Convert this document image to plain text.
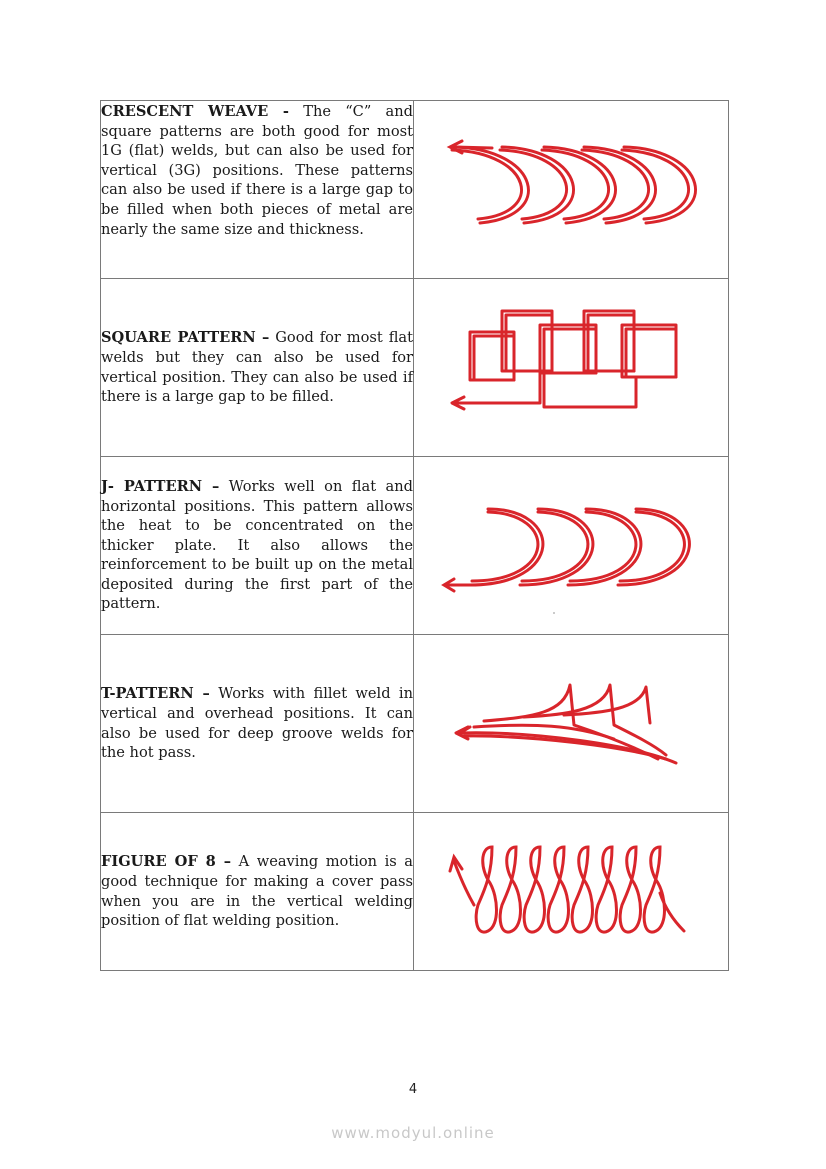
CRESCENT WEAVE - The “C” and square patterns are both good for most 1G (flat) welds, but can also be used for vertical (3G) positions. These patterns can also be used if there is a large gap to be filled when both pieces of metal are nearly the same size and thickness.

SQUARE PATTERN – Good for most flat welds but they can also be used for vertical position. They can also be used if there is a large gap to be filled.

J- PATTERN – Works well on flat and horizontal positions. This pattern allows the heat to be concentrated on the thicker plate. It also allows the reinforcement to be built up on the metal deposited during the first part of the pattern.

T-PATTERN – Works with fillet weld in vertical and overhead positions. It can also be used for deep groove welds for the hot pass.

FIGURE OF 8 – A weaving motion is a good technique for making a cover pass when you are in the vertical welding position of flat welding position.

4
www.modyul.online
